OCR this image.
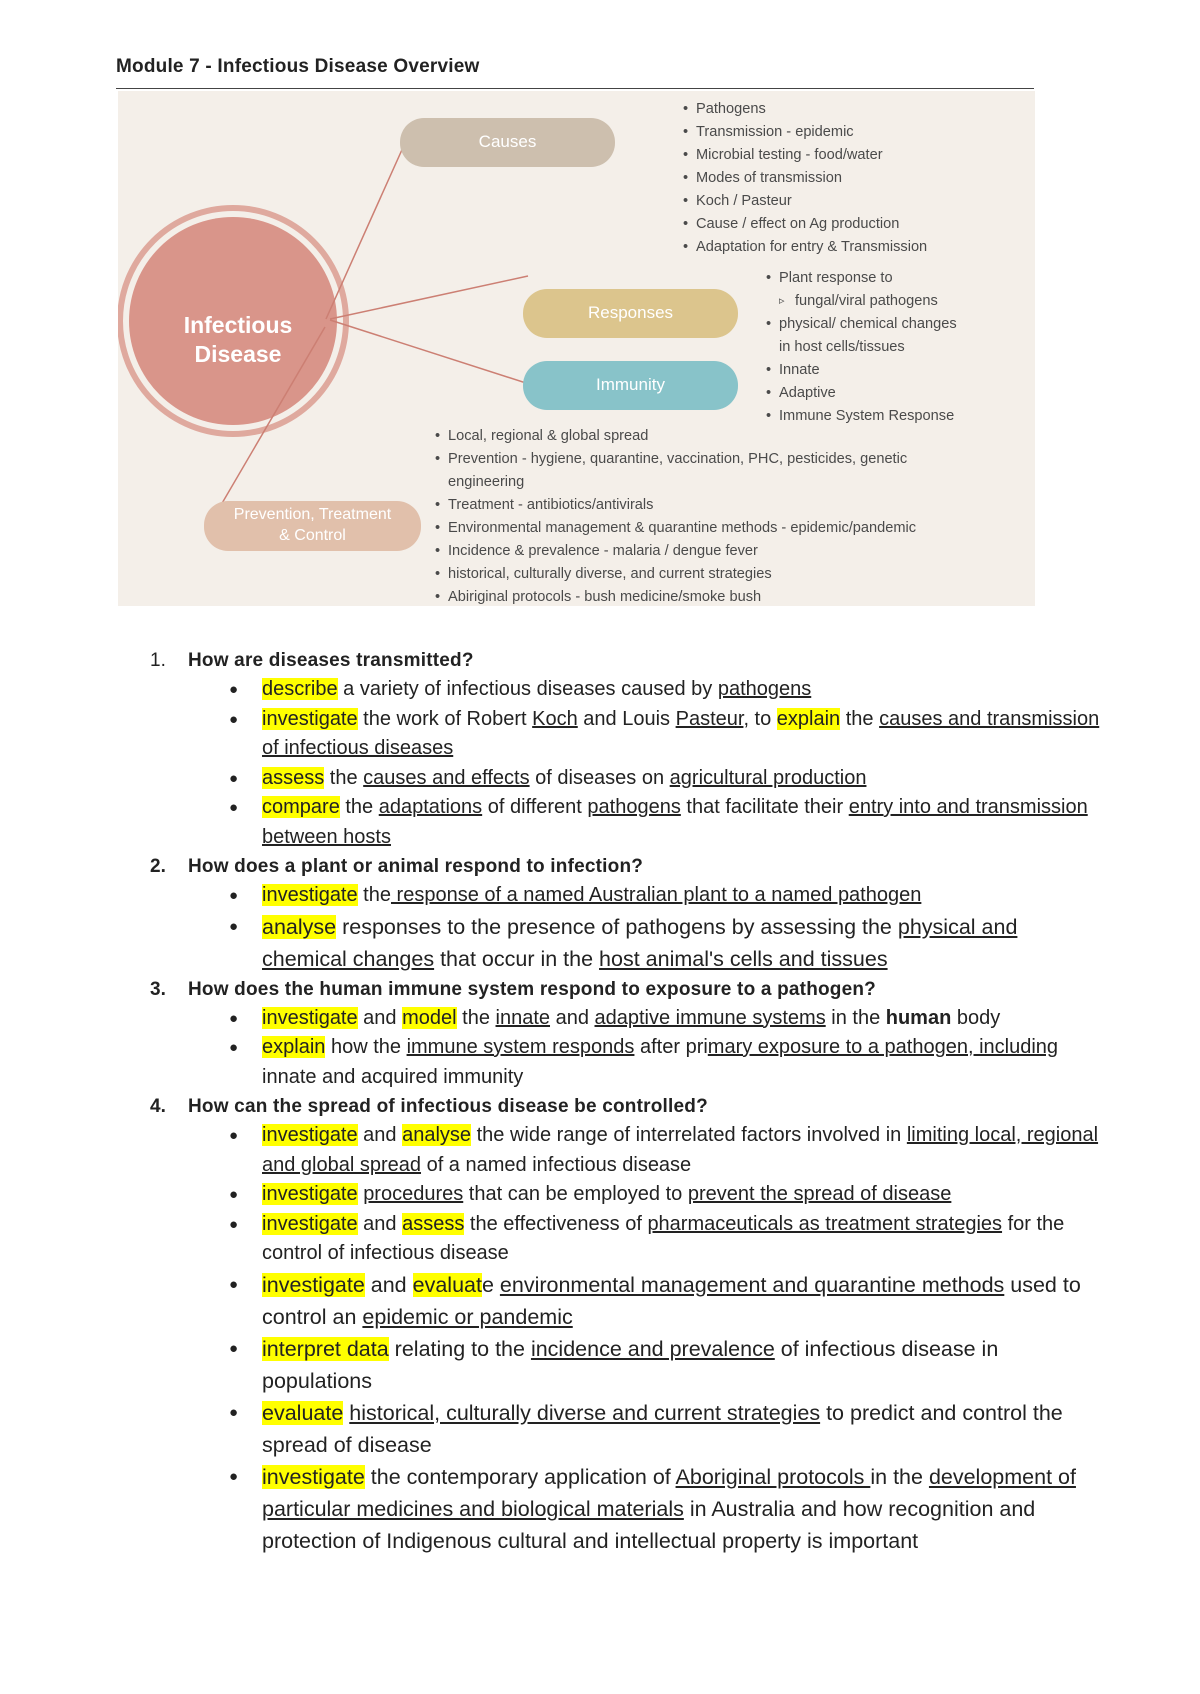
Module 7 - Infectious Disease Overview
Infectious
Disease
Causes
Responses
Immunity
Prevention, Treatment
& Control
• Pathogens
• Transmission - epidemic
• Microbial testing - food/water
• Modes of transmission
• Koch / Pasteur
• Cause / effect on Ag production
• Adaptation for entry & Transmission
• Plant response to
▹ fungal/viral pathogens
• physical/ chemical changes
in host cells/tissues
• Innate
• Adaptive
• Immune System Response
• Local, regional & global spread
• Prevention - hygiene, quarantine, vaccination, PHC, pesticides, genetic
engineering
• Treatment - antibiotics/antivirals
• Environmental management & quarantine methods - epidemic/pandemic
• Incidence & prevalence - malaria / dengue fever
• historical, culturally diverse, and current strategies
• Abiriginal protocols - bush medicine/smoke bush
1. How are diseases transmitted?
● describe a variety of infectious diseases caused by pathogens
● investigate the work of Robert Koch and Louis Pasteur, to explain the causes and transmission of infectious diseases
● assess the causes and effects of diseases on agricultural production
● compare the adaptations of different pathogens that facilitate their entry into and transmission between hosts
2. How does a plant or animal respond to infection?
● investigate the response of a named Australian plant to a named pathogen
● analyse responses to the presence of pathogens by assessing the physical and chemical changes that occur in the host animal's cells and tissues
3. How does the human immune system respond to exposure to a pathogen?
● investigate and model the innate and adaptive immune systems in the human body
● explain how the immune system responds after primary exposure to a pathogen, including innate and acquired immunity
4. How can the spread of infectious disease be controlled?
● investigate and analyse the wide range of interrelated factors involved in limiting local, regional and global spread of a named infectious disease
● investigate procedures that can be employed to prevent the spread of disease
● investigate and assess the effectiveness of pharmaceuticals as treatment strategies for the control of infectious disease
● investigate and evaluate environmental management and quarantine methods used to control an epidemic or pandemic
● interpret data relating to the incidence and prevalence of infectious disease in populations
● evaluate historical, culturally diverse and current strategies to predict and control the spread of disease
● investigate the contemporary application of Aboriginal protocols in the development of particular medicines and biological materials in Australia and how recognition and protection of Indigenous cultural and intellectual property is important
